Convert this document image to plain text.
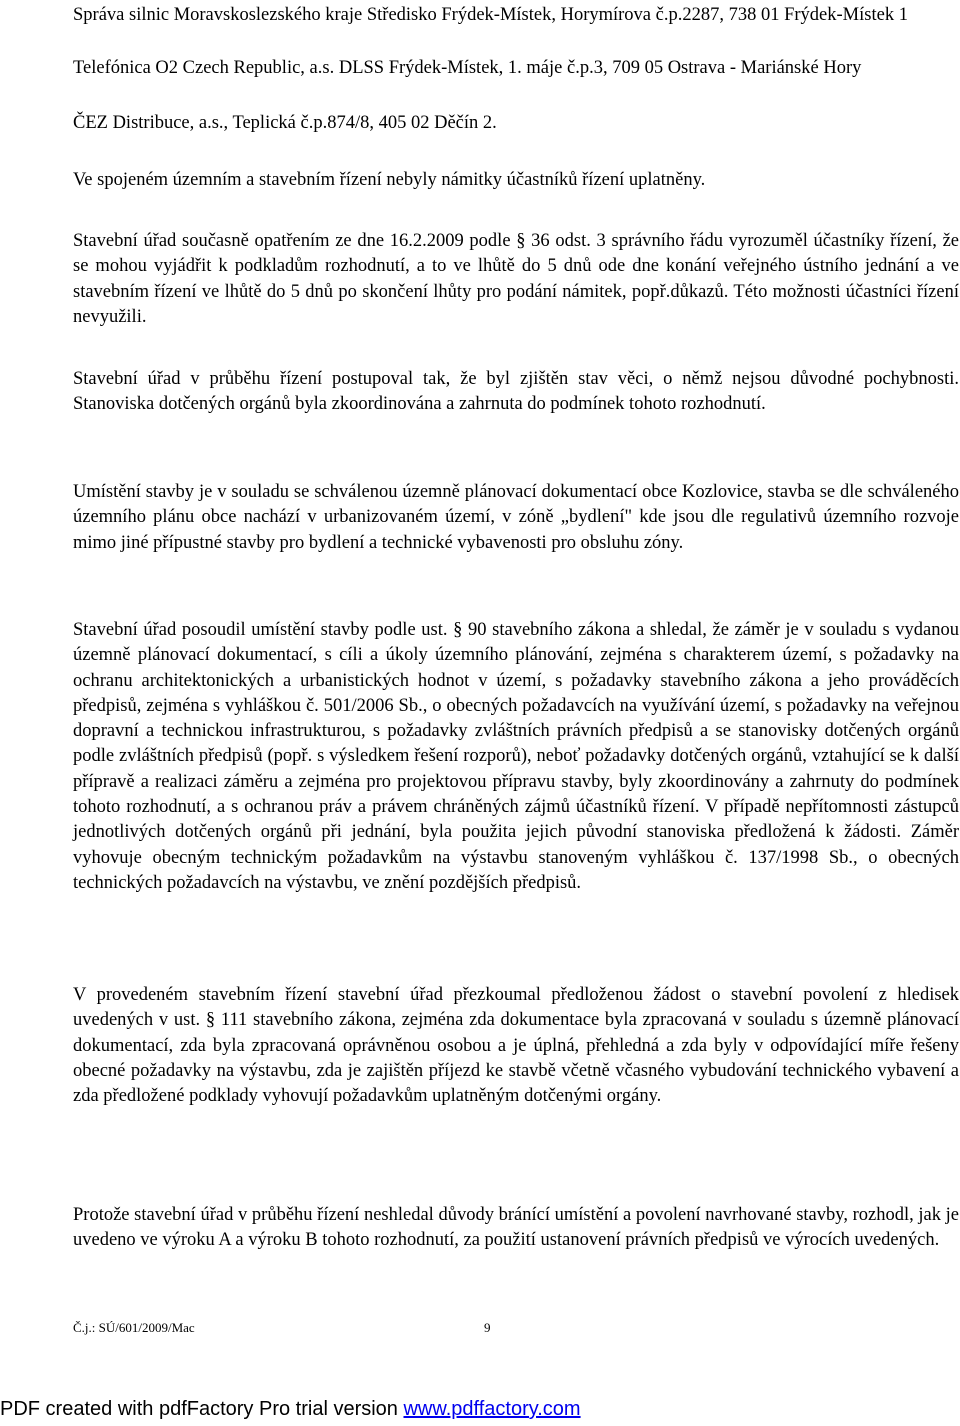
Správa silnic Moravskoslezského kraje Středisko Frýdek-Místek, Horymírova č.p.2287, 738 01 Frýdek-Místek 1

Telefónica O2 Czech Republic, a.s. DLSS Frýdek-Místek, 1. máje č.p.3, 709 05 Ostrava - Mariánské Hory

ČEZ Distribuce, a.s., Teplická č.p.874/8, 405 02 Děčín 2.

Ve spojeném územním a stavebním řízení nebyly námitky účastníků řízení uplatněny.

Stavební úřad současně opatřením ze dne 16.2.2009 podle § 36 odst. 3 správního řádu vyrozuměl účastníky řízení, že se mohou vyjádřit k podkladům rozhodnutí, a to ve lhůtě do 5 dnů ode dne konání veřejného ústního jednání a ve stavebním řízení ve lhůtě do 5 dnů po skončení lhůty pro podání námitek, popř.důkazů. Této možnosti účastníci řízení nevyužili.

Stavební úřad v průběhu řízení postupoval tak, že byl zjištěn stav věci, o němž nejsou důvodné pochybnosti. Stanoviska dotčených orgánů byla zkoordinována a zahrnuta do podmínek tohoto rozhodnutí.

Umístění stavby je v souladu se schválenou územně plánovací dokumentací obce Kozlovice, stavba se dle schváleného územního plánu obce nachází v urbanizovaném území, v zóně „bydlení" kde jsou dle regulativů územního rozvoje mimo jiné přípustné stavby pro bydlení a technické vybavenosti pro obsluhu zóny.

Stavební úřad posoudil umístění stavby podle ust. § 90 stavebního zákona a shledal, že záměr je v souladu s vydanou územně plánovací dokumentací, s cíli a úkoly územního plánování, zejména s charakterem území, s požadavky na ochranu architektonických a urbanistických hodnot v území, s požadavky stavebního zákona a jeho prováděcích předpisů, zejména s vyhláškou č. 501/2006 Sb., o obecných požadavcích na využívání území, s požadavky na veřejnou dopravní a technickou infrastrukturou, s požadavky zvláštních právních předpisů a se stanovisky dotčených orgánů podle zvláštních předpisů (popř. s výsledkem řešení rozporů), neboť požadavky dotčených orgánů, vztahující se k další přípravě a realizaci záměru a zejména pro projektovou přípravu stavby, byly zkoordinovány a zahrnuty do podmínek tohoto rozhodnutí, a s ochranou práv a právem chráněných zájmů účastníků řízení. V případě nepřítomnosti zástupců jednotlivých dotčených orgánů při jednání, byla použita jejich původní stanoviska předložená k žádosti. Záměr vyhovuje obecným technickým požadavkům na výstavbu stanoveným vyhláškou č. 137/1998 Sb., o obecných technických požadavcích na výstavbu, ve znění pozdějších předpisů.

V provedeném stavebním řízení stavební úřad přezkoumal předloženou žádost o stavební povolení z hledisek uvedených v ust. § 111 stavebního zákona, zejména zda dokumentace byla zpracovaná v souladu s územně plánovací dokumentací, zda byla zpracovaná oprávněnou osobou a je úplná, přehledná a zda byly v odpovídající míře řešeny obecné požadavky na výstavbu, zda je zajištěn příjezd ke stavbě včetně včasného vybudování technického vybavení a zda předložené podklady vyhovují požadavkům uplatněným dotčenými orgány.

Protože stavební úřad v průběhu řízení neshledal důvody bránící umístění a povolení navrhované stavby, rozhodl, jak je uvedeno ve výroku A a výroku B tohoto rozhodnutí, za použití ustanovení právních předpisů ve výrocích uvedených.

Č.j.: SÚ/601/2009/Mac	9
PDF created with pdfFactory Pro trial version www.pdffactory.com
